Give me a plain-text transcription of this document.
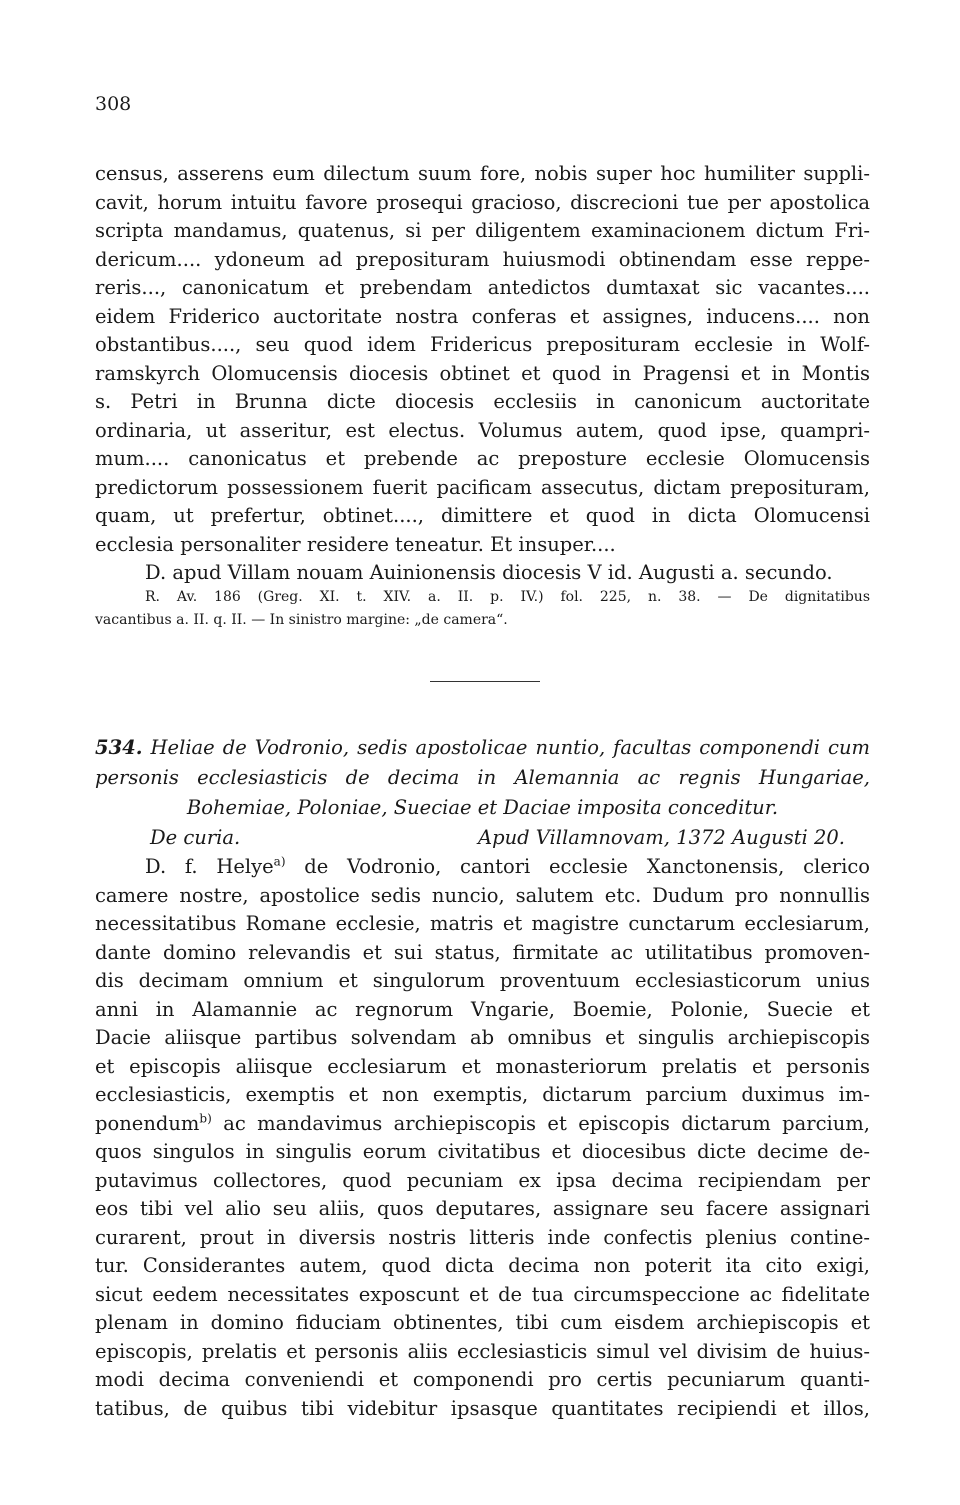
308
census, asserens eum dilectum suum fore, nobis super hoc humiliter suppli-
cavit, horum intuitu favore prosequi gracioso, discrecioni tue per apostolica
scripta mandamus, quatenus, si per diligentem examinacionem dictum Fri-
dericum.... ydoneum ad preposituram huiusmodi obtinendam esse reppe-
reris..., canonicatum et prebendam antedictos dumtaxat sic vacantes....
eidem Friderico auctoritate nostra conferas et assignes, inducens.... non
obstantibus...., seu quod idem Fridericus preposituram ecclesie in Wolf-
ramskyrch Olomucensis diocesis obtinet et quod in Pragensi et in Montis
s. Petri in Brunna dicte diocesis ecclesiis in canonicum auctoritate
ordinaria, ut asseritur, est electus. Volumus autem, quod ipse, quampri-
mum.... canonicatus et prebende ac preposture ecclesie Olomucensis
predictorum possessionem fuerit pacificam assecutus, dictam preposituram,
quam, ut prefertur, obtinet...., dimittere et quod in dicta Olomucensi
ecclesia personaliter residere teneatur. Et insuper....
D. apud Villam nouam Auinionensis diocesis V id. Augusti a. secundo.
R. Av. 186 (Greg. XI. t. XIV. a. II. p. IV.) fol. 225, n. 38. — De dignitatibus
vacantibus a. II. q. II. — In sinistro margine: „de camera“.
534. Heliae de Vodronio, sedis apostolicae nuntio, facultas componendi cum
personis ecclesiasticis de decima in Alemannia ac regnis Hungariae,
Bohemiae, Poloniae, Sueciae et Daciae imposita conceditur.
De curia.	Apud Villamnovam, 1372 Augusti 20.
D. f. Helye$^{a)}$ de Vodronio, cantori ecclesie Xanctonensis, clerico
camere nostre, apostolice sedis nuncio, salutem etc. Dudum pro nonnullis
necessitatibus Romane ecclesie, matris et magistre cunctarum ecclesiarum,
dante domino relevandis et sui status, firmitate ac utilitatibus promoven-
dis decimam omnium et singulorum proventuum ecclesiasticorum unius
anni in Alamannie ac regnorum Vngarie, Boemie, Polonie, Suecie et
Dacie aliisque partibus solvendam ab omnibus et singulis archiepiscopis
et episcopis aliisque ecclesiarum et monasteriorum prelatis et personis
ecclesiasticis, exemptis et non exemptis, dictarum parcium duximus im-
ponendum$^{b)}$ ac mandavimus archiepiscopis et episcopis dictarum parcium,
quos singulos in singulis eorum civitatibus et diocesibus dicte decime de-
putavimus collectores, quod pecuniam ex ipsa decima recipiendam per
eos tibi vel alio seu aliis, quos deputares, assignare seu facere assignari
curarent, prout in diversis nostris litteris inde confectis plenius contine-
tur. Considerantes autem, quod dicta decima non poterit ita cito exigi,
sicut eedem necessitates exposcunt et de tua circumspeccione ac fidelitate
plenam in domino fiduciam obtinentes, tibi cum eisdem archiepiscopis et
episcopis, prelatis et personis aliis ecclesiasticis simul vel divisim de huius-
modi decima conveniendi et componendi pro certis pecuniarum quanti-
tatibus, de quibus tibi videbitur ipsasque quantitates recipiendi et illos,
